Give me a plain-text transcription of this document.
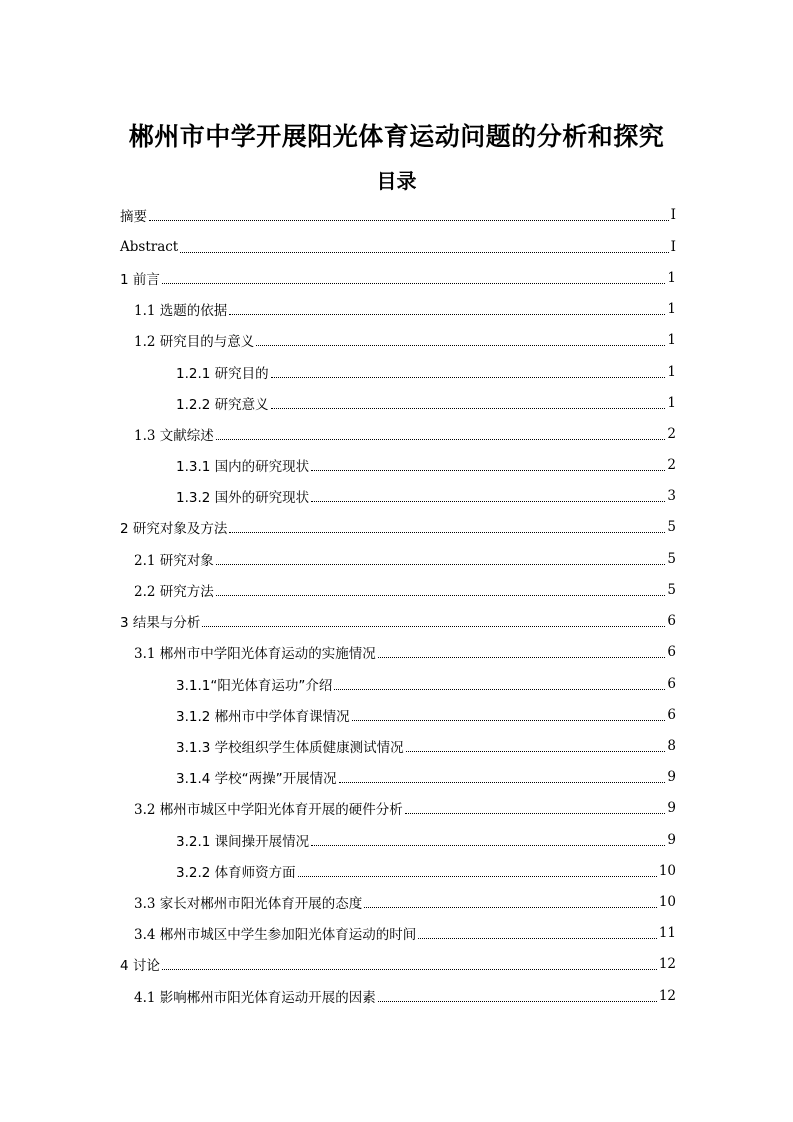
郴州市中学开展阳光体育运动问题的分析和探究
目录
摘要	I
Abstract	I
1 前言	1
1.1 选题的依据	1
1.2 研究目的与意义	1
1.2.1 研究目的	1
1.2.2 研究意义	1
1.3 文献综述	2
1.3.1 国内的研究现状	2
1.3.2 国外的研究现状	3
2 研究对象及方法	5
2.1 研究对象	5
2.2 研究方法	5
3 结果与分析	6
3.1 郴州市中学阳光体育运动的实施情况	6
3.1.1“阳光体育运功”介绍	6
3.1.2 郴州市中学体育课情况	6
3.1.3 学校组织学生体质健康测试情况	8
3.1.4 学校“两操”开展情况	9
3.2 郴州市城区中学阳光体育开展的硬件分析	9
3.2.1 课间操开展情况	9
3.2.2 体育师资方面	10
3.3 家长对郴州市阳光体育开展的态度	10
3.4 郴州市城区中学生参加阳光体育运动的时间	11
4 讨论	12
4.1 影响郴州市阳光体育运动开展的因素	12
